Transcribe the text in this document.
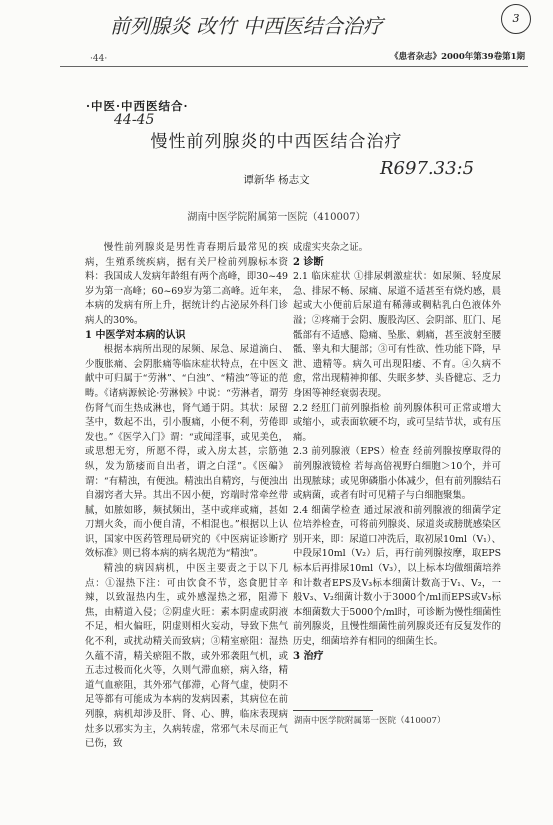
前列腺炎 改竹 中西医结合治疗	3
44-45
R697.33:5
·44·	《患者杂志》2000年第39卷第1期
·中医·中西医结合·
慢性前列腺炎的中西医结合治疗
谭新华 杨志文
湖南中医学院附属第一医院（410007）

慢性前列腺炎是男性青春期后最常见的疾病，生殖系统疾病，据有关尸检前列腺标本资料：我国成人发病年龄组有两个高峰，即30~49岁为第一高峰；60~69岁为第二高峰。近年来，本病的发病有所上升，据统计约占泌尿外科门诊病人的30%。

1 中医学对本病的认识

根据本病所出现的尿频、尿急、尿道滴白、少腹胀痛、会阴胀痛等临床症状特点，在中医文献中可归属于“劳淋”、“白浊”、“精浊”等证的范畴。《诸病源候论·劳淋候》中说：“劳淋者，谓劳伤肾气而生热成淋也，肾气通于阴。其状：尿留茎中，数起不出，引小腹痛，小便不利，劳倦即发也。”《医学入门》谓：“或闻淫事，或见美色，或思想无穷，所愿不得，或入房太甚，宗筋弛纵，发为筋痿而自出者，谓之白淫”。《医碥》谓：“有精浊，有便浊。精浊出自精窍，与便浊出自溺窍者大异。其出不因小便，窍端时常牵丝带腻，如脓如眵，频拭频出，茎中或痒或痛，甚如刀割火灸，而小便自清，不相混也。”根据以上认识，国家中医药管理局研究的《中医病证诊断疗效标准》则已将本病的病名规范为“精浊”。

精浊的病因病机，中医主要责之于以下几点：①湿热下注：可由饮食不节，恣食肥甘辛辣，以致湿热内生，或外感湿热之邪，阻滞下焦，由精道入侵；②阴虚火旺：素本阴虚或阴液不足，相火偏旺，阴虚则相火妄动，导致下焦气化不利，或扰动精关而致病；③精室瘀阻：湿热久蕴不清，精关瘀阻不散，或外邪袭阻气机，或五志过极而化火等，久则气滞血瘀，病入络，精道气血瘀阻，其外邪气郁滞，心肾气虚，使阴不足等都有可能成为本病的发病因素，其病位在前列腺，病机却涉及肝、肾、心、脾，临床表现病灶多以邪实为主，久病转虚，常邪气未尽而正气已伤，致

成虚实夹杂之证。

2 诊断

2.1 临床症状 ①排尿刺激症状：如尿频、轻度尿急、排尿不畅、尿痛、尿道不适甚至有烧灼感，晨起或大小便前后尿道有稀薄或稠粘乳白色液体外溢；②疼痛于会阴、腹股沟区、会阴部、肛门、尾骶部有不适感、隐痛、坠胀、刺痛，甚至波射至腰骶、睾丸和大腿部；③可有性欲、性功能下降，早泄、遗精等。病久可出现阳痿、不育。④久病不愈，常出现精神抑郁、失眠多梦、头昏健忘、乏力身困等神经衰弱表现。

2.2 经肛门前列腺指检 前列腺体积可正常或增大或缩小，或表面软硬不均，或可呈结节状，或有压痛。

2.3 前列腺液（EPS）检查 经前列腺按摩取得的前列腺液镜检 若每高倍视野白细胞＞10个，并可出现脓球；或见卵磷脂小体减少，但有前列腺结石或病菌，或者有时可见精子与白细胞聚集。

2.4 细菌学检查 通过尿液和前列腺液的细菌学定位培养检查，可将前列腺炎、尿道炎或膀胱感染区别开来，即：尿道口冲洗后，取初尿10ml（V₁）、中段尿10ml（V₂）后，再行前列腺按摩，取EPS标本后再排尿10ml（V₃），以上标本均做细菌培养和计数者EPS及V₃标本细菌计数高于V₁、V₂，一般V₃、V₂细菌计数小于3000个/ml而EPS或V₃标本细菌数大于5000个/ml时，可诊断为慢性细菌性前列腺炎，且慢性细菌性前列腺炎还有反复发作的历史，细菌培养有相同的细菌生长。

3 治疗
湖南中医学院附属第一医院（410007）
